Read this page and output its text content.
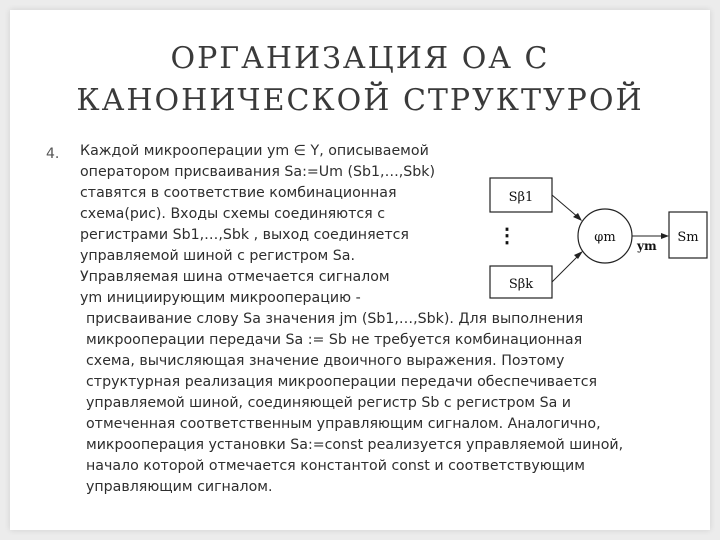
ОРГАНИЗАЦИЯ ОА С
КАНОНИЧЕСКОЙ СТРУКТУРОЙ
4. Каждой микрооперации ym ∈ Y, описываемой
оператором присваивания Sa:=Um (Sb1,…,Sbk)
ставятся в соответствие комбинационная
схема(рис). Входы схемы соединяются с
регистрами Sb1,…,Sbk , выход соединяется
управляемой шиной с регистром Sa.
Управляемая шина отмечается сигналом
ym инициирующим микрооперацию -
присваивание слову Sa значения jm (Sb1,…,Sbk). Для выполнения
микрооперации передачи Sa := Sb не требуется комбинационная
схема, вычисляющая значение двоичного выражения. Поэтому
структурная реализация микрооперации передачи обеспечивается
управляемой шиной, соединяющей регистр Sb с регистром Sa и
отмеченная соответственным управляющим сигналом. Аналогично,
микрооперация установки Sa:=const реализуется управляемой шиной,
начало которой отмечается константой const и соответствующим
управляющим сигналом.
Sβ1
⋮
Sβk
φm
ym
Sm
